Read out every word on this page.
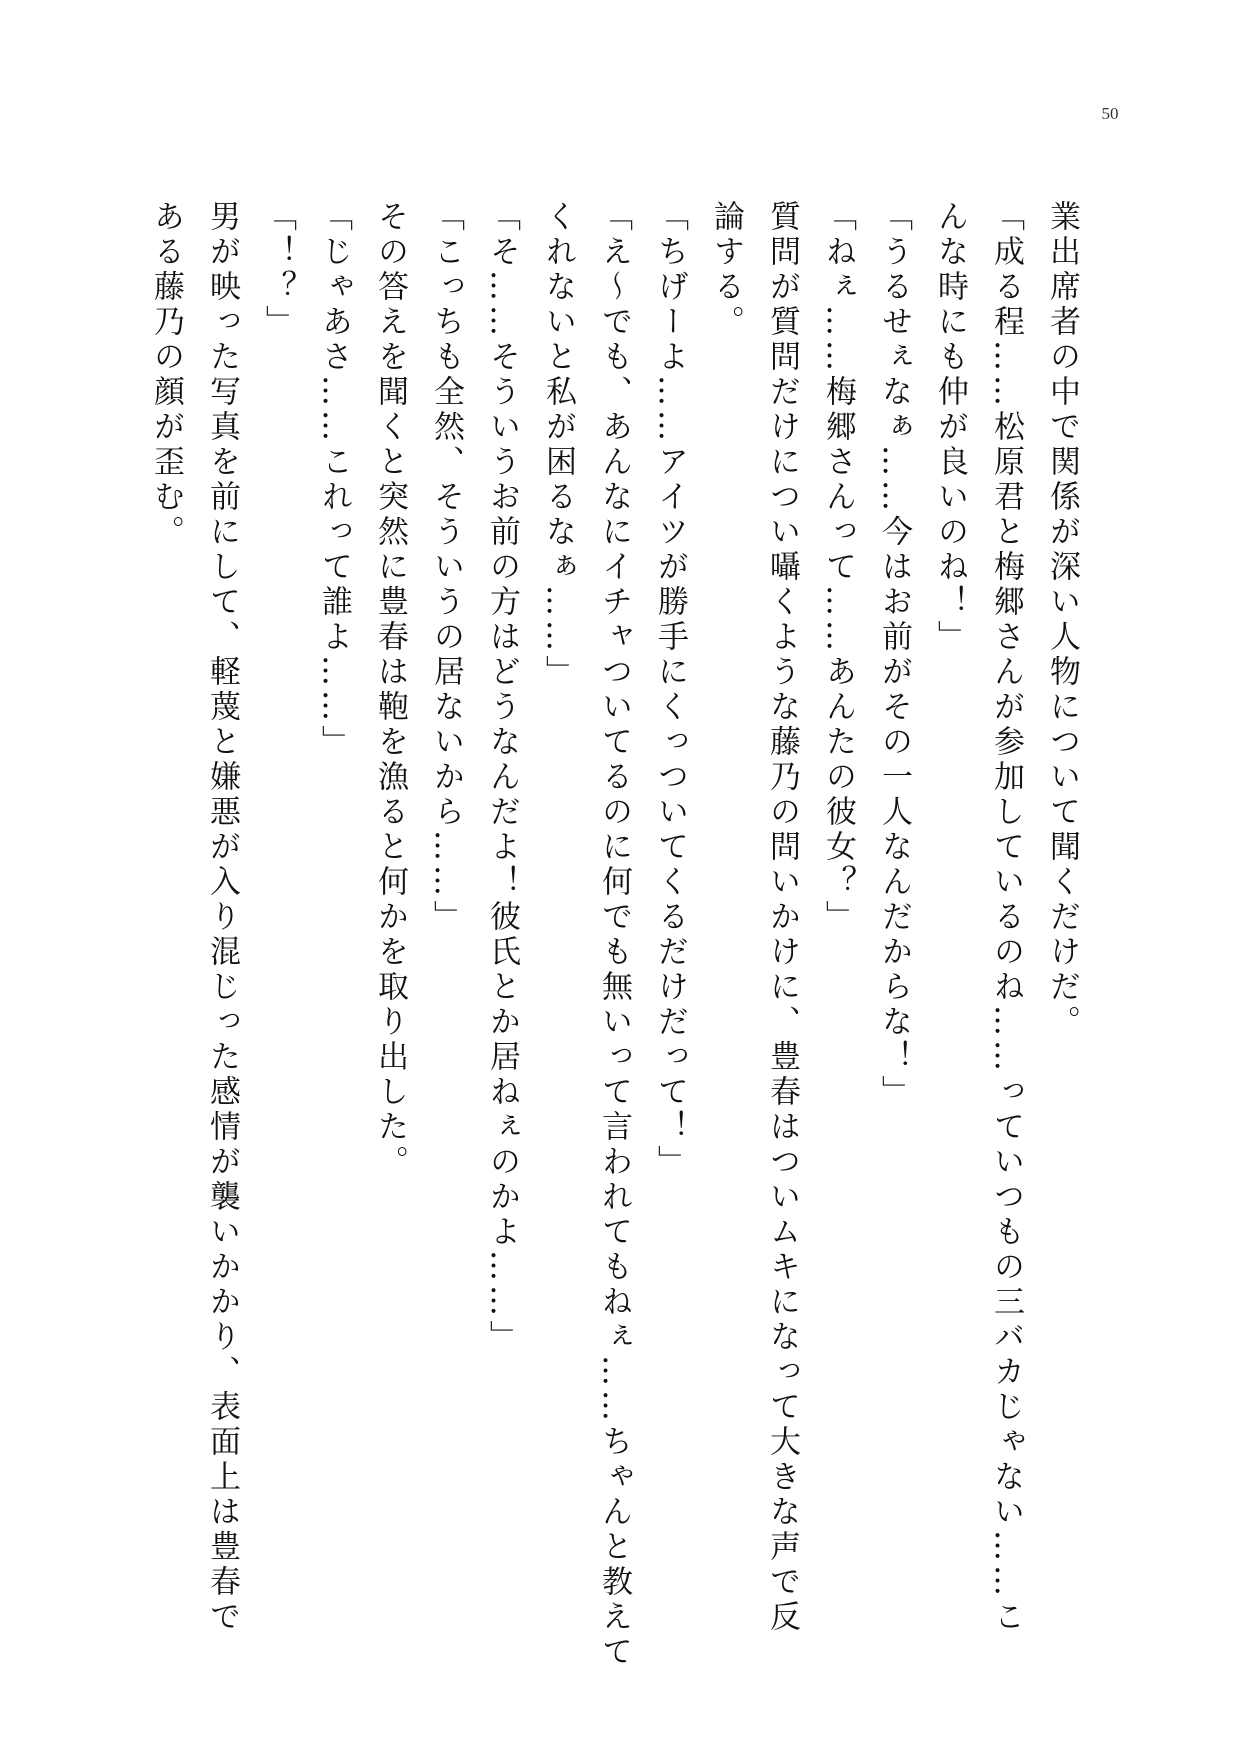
50
業出席者の中で関係が深い人物について聞くだけだ。
「成る程……松原君と梅郷さんが参加しているのね……っていつもの三バカじゃない……こ
んな時にも仲が良いのね！」
「うるせぇなぁ……今はお前がその一人なんだからな！」
「ねぇ……梅郷さんって……あんたの彼女？」
質問が質問だけについ囁くような藤乃の問いかけに、豊春はついムキになって大きな声で反
論する。
「ちげーよ……アイツが勝手にくっついてくるだけだって！」
「え〜でも、あんなにイチャついてるのに何でも無いって言われてもねぇ……ちゃんと教えて
くれないと私が困るなぁ……」
「そ……そういうお前の方はどうなんだよ！彼氏とか居ねぇのかよ……」
「こっちも全然、そういうの居ないから……」
その答えを聞くと突然に豊春は鞄を漁ると何かを取り出した。
「じゃあさ……これって誰よ……」
「！？」
男が映った写真を前にして、軽蔑と嫌悪が入り混じった感情が襲いかかり、表面上は豊春で
ある藤乃の顔が歪む。
